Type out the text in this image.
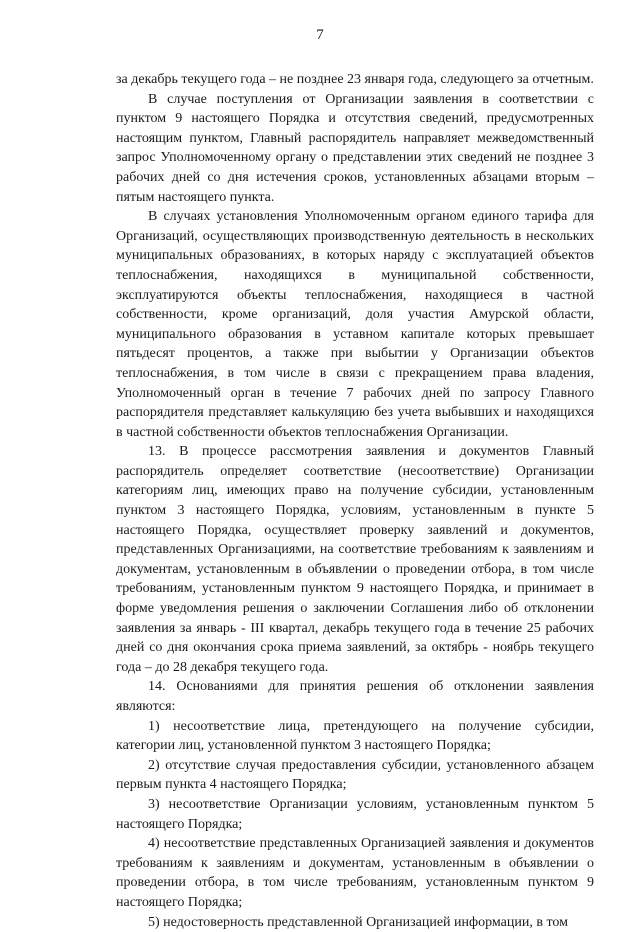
7

за декабрь текущего года – не позднее 23 января года, следующего за отчетным.

В случае поступления от Организации заявления в соответствии с пунктом 9 настоящего Порядка и отсутствия сведений, предусмотренных настоящим пунктом, Главный распорядитель направляет межведомственный запрос Уполномоченному органу о представлении этих сведений не позднее 3 рабочих дней со дня истечения сроков, установленных абзацами вторым – пятым настоящего пункта.

В случаях установления Уполномоченным органом единого тарифа для Организаций, осуществляющих производственную деятельность в нескольких муниципальных образованиях, в которых наряду с эксплуатацией объектов теплоснабжения, находящихся в муниципальной собственности, эксплуатируются объекты теплоснабжения, находящиеся в частной собственности, кроме организаций, доля участия Амурской области, муниципального образования в уставном капитале которых превышает пятьдесят процентов, а также при выбытии у Организации объектов теплоснабжения, в том числе в связи с прекращением права владения, Уполномоченный орган в течение 7 рабочих дней по запросу Главного распорядителя представляет калькуляцию без учета выбывших и находящихся в частной собственности объектов теплоснабжения Организации.

13. В процессе рассмотрения заявления и документов Главный распорядитель определяет соответствие (несоответствие) Организации категориям лиц, имеющих право на получение субсидии, установленным пунктом 3 настоящего Порядка, условиям, установленным в пункте 5 настоящего Порядка, осуществляет проверку заявлений и документов, представленных Организациями, на соответствие требованиям к заявлениям и документам, установленным в объявлении о проведении отбора, в том числе требованиям, установленным пунктом 9 настоящего Порядка, и принимает в форме уведомления решения о заключении Соглашения либо об отклонении заявления за январь - III квартал, декабрь текущего года в течение 25 рабочих дней со дня окончания срока приема заявлений, за октябрь - ноябрь текущего года – до 28 декабря текущего года.

14. Основаниями для принятия решения об отклонении заявления являются:

1) несоответствие лица, претендующего на получение субсидии, категории лиц, установленной пунктом 3 настоящего Порядка;

2) отсутствие случая предоставления субсидии, установленного абзацем первым пункта 4 настоящего Порядка;

3) несоответствие Организации условиям, установленным пунктом 5 настоящего Порядка;

4) несоответствие представленных Организацией заявления и документов требованиям к заявлениям и документам, установленным в объявлении о проведении отбора, в том числе требованиям, установленным пунктом 9 настоящего Порядка;

5) недостоверность представленной Организацией информации, в том
